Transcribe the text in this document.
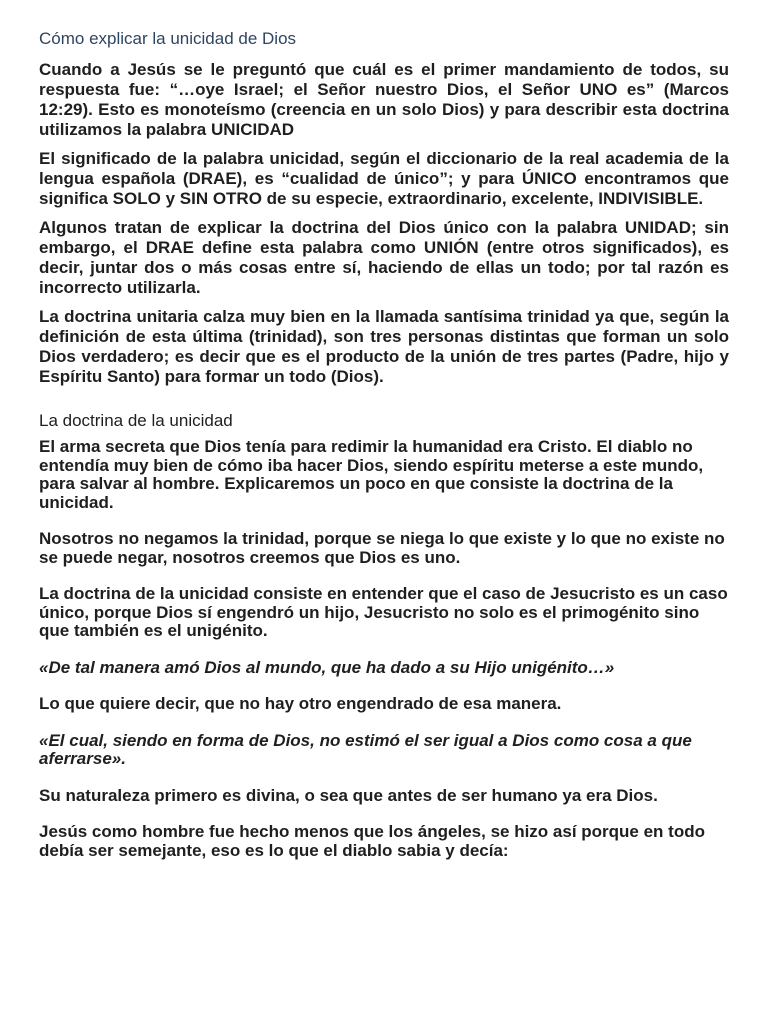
Cómo explicar la unicidad de Dios

Cuando a Jesús se le preguntó que cuál es el primer mandamiento de todos, su respuesta fue: “…oye Israel; el Señor nuestro Dios, el Señor UNO es” (Marcos 12:29). Esto es monoteísmo (creencia en un solo Dios) y para describir esta doctrina utilizamos la palabra UNICIDAD

El significado de la palabra unicidad, según el diccionario de la real academia de la lengua española (DRAE), es “cualidad de único”; y para ÚNICO encontramos que significa SOLO y SIN OTRO de su especie, extraordinario, excelente, INDIVISIBLE.

Algunos tratan de explicar la doctrina del Dios único con la palabra UNIDAD; sin embargo, el DRAE define esta palabra como UNIÓN (entre otros significados), es decir, juntar dos o más cosas entre sí, haciendo de ellas un todo; por tal razón es incorrecto utilizarla.

La doctrina unitaria calza muy bien en la llamada santísima trinidad ya que, según la definición de esta última (trinidad), son tres personas distintas que forman un solo Dios verdadero; es decir que es el producto de la unión de tres partes (Padre, hijo y Espíritu Santo) para formar un todo (Dios).

La doctrina de la unicidad

El arma secreta que Dios tenía para redimir la humanidad era Cristo. El diablo no entendía muy bien de cómo iba hacer Dios, siendo espíritu meterse a este mundo, para salvar al hombre. Explicaremos un poco en que consiste la doctrina de la unicidad.

Nosotros no negamos la trinidad, porque se niega lo que existe y lo que no existe no se puede negar, nosotros creemos que Dios es uno.

La doctrina de la unicidad consiste en entender que el caso de Jesucristo es un caso único, porque Dios sí engendró un hijo, Jesucristo no solo es el primogénito sino que también es el unigénito.

«De tal manera amó Dios al mundo, que ha dado a su Hijo unigénito…»

Lo que quiere decir, que no hay otro engendrado de esa manera.

«El cual, siendo en forma de Dios, no estimó el ser igual a Dios como cosa a que aferrarse».

Su naturaleza primero es divina, o sea que antes de ser humano ya era Dios.

Jesús como hombre fue hecho menos que los ángeles, se hizo así porque en todo debía ser semejante, eso es lo que el diablo sabia y decía:
